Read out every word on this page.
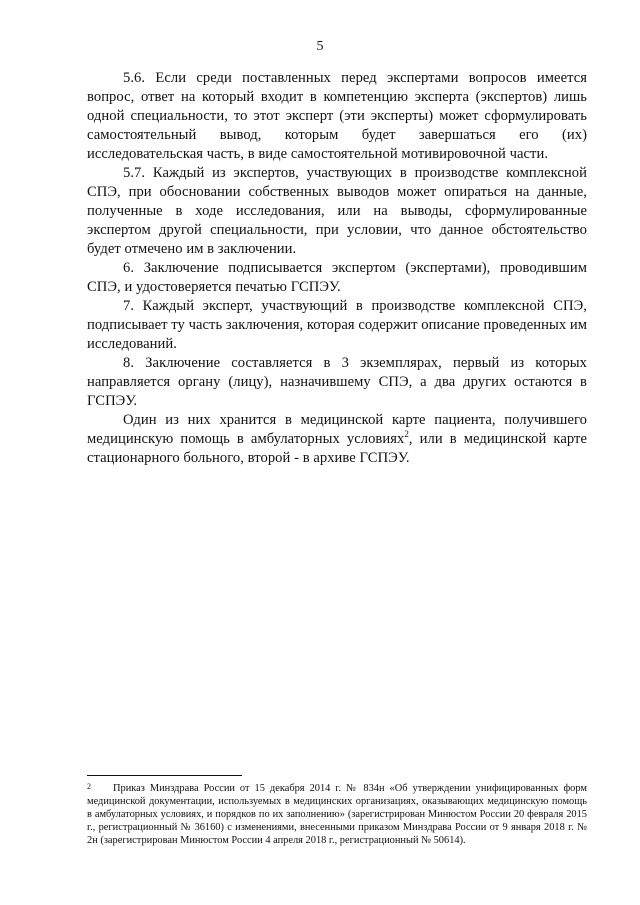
5

5.6. Если среди поставленных перед экспертами вопросов имеется вопрос, ответ на который входит в компетенцию эксперта (экспертов) лишь одной специальности, то этот эксперт (эти эксперты) может сформулировать самостоятельный вывод, которым будет завершаться его (их) исследовательская часть, в виде самостоятельной мотивировочной части.

5.7. Каждый из экспертов, участвующих в производстве комплексной СПЭ, при обосновании собственных выводов может опираться на данные, полученные в ходе исследования, или на выводы, сформулированные экспертом другой специальности, при условии, что данное обстоятельство будет отмечено им в заключении.

6. Заключение подписывается экспертом (экспертами), проводившим СПЭ, и удостоверяется печатью ГСПЭУ.

7. Каждый эксперт, участвующий в производстве комплексной СПЭ, подписывает ту часть заключения, которая содержит описание проведенных им исследований.

8. Заключение составляется в 3 экземплярах, первый из которых направляется органу (лицу), назначившему СПЭ, а два других остаются в ГСПЭУ.

Один из них хранится в медицинской карте пациента, получившего медицинскую помощь в амбулаторных условиях$^2$, или в медицинской карте стационарного больного, второй - в архиве ГСПЭУ.

2 Приказ Минздрава России от 15 декабря 2014 г. № 834н «Об утверждении унифицированных форм медицинской документации, используемых в медицинских организациях, оказывающих медицинскую помощь в амбулаторных условиях, и порядков по их заполнению» (зарегистрирован Минюстом России 20 февраля 2015 г., регистрационный № 36160) с изменениями, внесенными приказом Минздрава России от 9 января 2018 г. № 2н (зарегистрирован Минюстом России 4 апреля 2018 г., регистрационный № 50614).
